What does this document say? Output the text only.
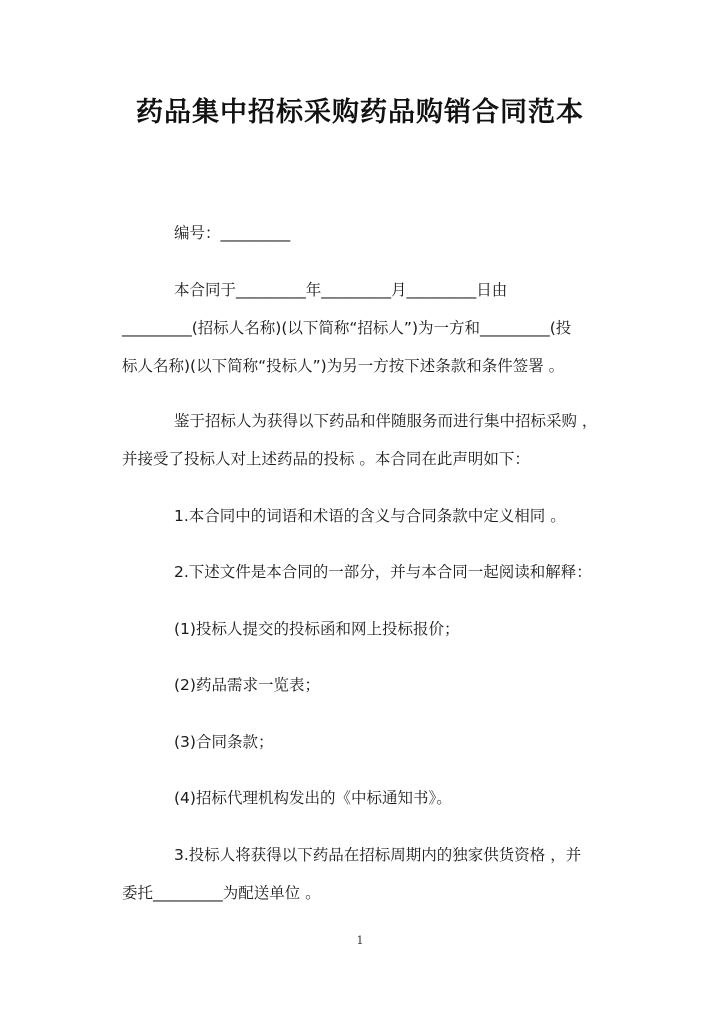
药品集中招标采购药品购销合同范本
编号：_________
本合同于_________年_________月_________日由
_________(招标人名称)(以下简称“招标人”)为一方和_________(投
标人名称)(以下简称“投标人”)为另一方按下述条款和条件签署 。
鉴于招标人为获得以下药品和伴随服务而进行集中招标采购 ，
并接受了投标人对上述药品的投标 。本合同在此声明如下：
1.本合同中的词语和术语的含义与合同条款中定义相同 。
2.下述文件是本合同的一部分，并与本合同一起阅读和解释：
(1)投标人提交的投标函和网上投标报价；
(2)药品需求一览表；
(3)合同条款；
(4)招标代理机构发出的《中标通知书》。
3.投标人将获得以下药品在招标周期内的独家供货资格 ，并
委托_________为配送单位 。
1
